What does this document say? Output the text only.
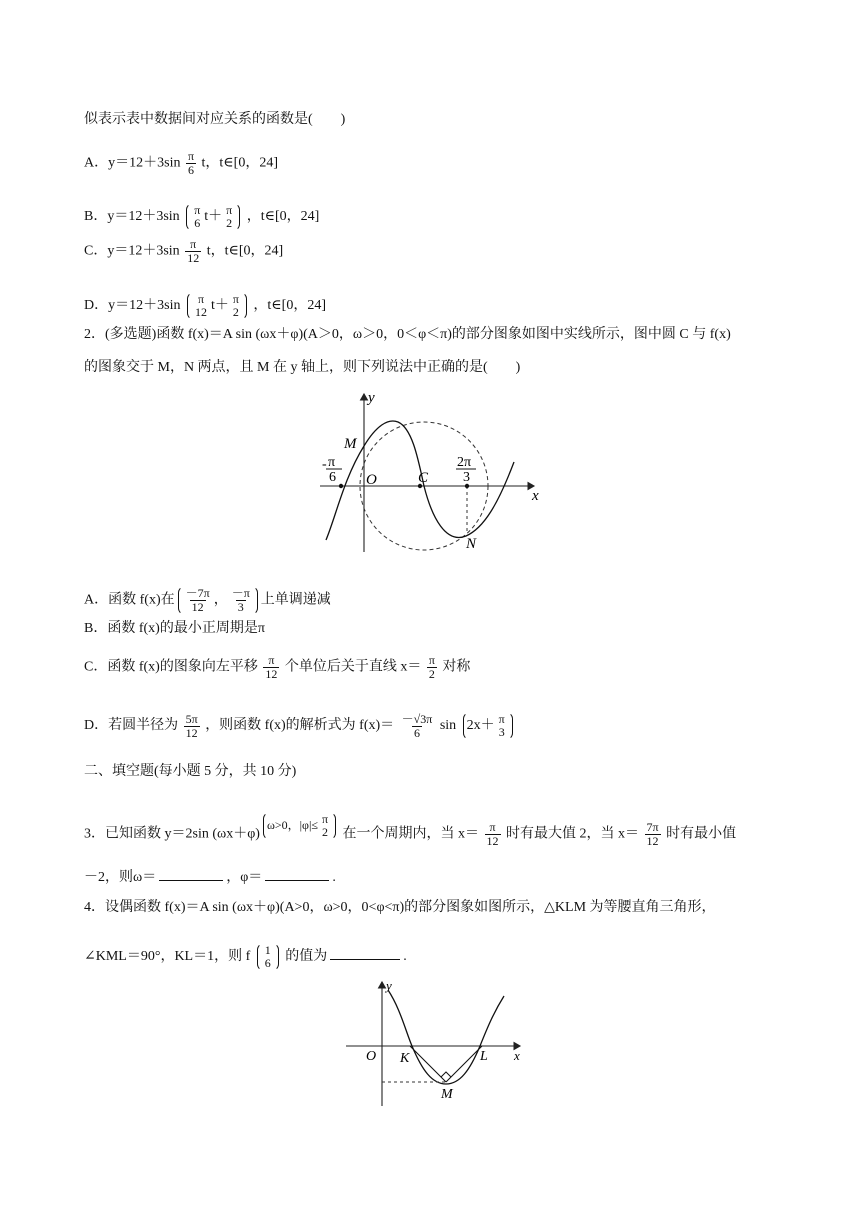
似表示表中数据间对应关系的函数是(　　)
A．$y=12+3\sin \frac{\pi}{6}$ t，t∈[0，24]
B．y＝12＋3sin π
6 t＋ π
2 ，t∈[0，24]
C．$y=12+3\sin \frac{\pi}{12}$ t，t∈[0，24]
D．y＝12＋3sin π
12 t＋ π
2 ，t∈[0，24]
2．(多选题)函数 f(x)＝A sin (ωx＋φ)(A＞0，ω＞0，0＜φ＜π)的部分图象如图中实线所示，图中圆 C 与 f(x)
的图象交于 M，N 两点，且 M 在 y 轴上，则下列说法中正确的是(　　)
y
x
M
O	C
N
- π
6
2π
3
A．函数 f(x)在 $\frac{-7\pi}{12}$ ， $\frac{-\pi}{3}$ 上单调递减
B．函数 f(x)的最小正周期是π
C．函数 f(x)的图象向左平移 $\frac{\pi}{12}$ 个单位后关于直线 $x= \frac{\pi}{2}$ 对称
D．若圆半径为 $\frac{5\pi}{12}$ ，则函数 f(x)的解析式为 $f(x)= \frac{-√3\pi}{6}$ sin 2x＋ π
3
二、填空题(每小题 5 分，共 10 分)
3．已知函数 y＝2sin (ωx＋φ)ω>0，|φ|≤ π
2 在一个周期内，当 $x= \frac{\pi}{12}$ 时有最大值 2，当 $x= \frac{7\pi}{12}$ 时有最小值
－2，则ω＝	，φ＝	.
4．设偶函数 f(x)＝A sin (ωx＋φ)(A>0，ω>0，0<φ<π)的部分图象如图所示，△KLM 为等腰直角三角形，
∠KML＝90°，KL＝1，则 f 1
6 的值为	.
y
x
O K	L
M
